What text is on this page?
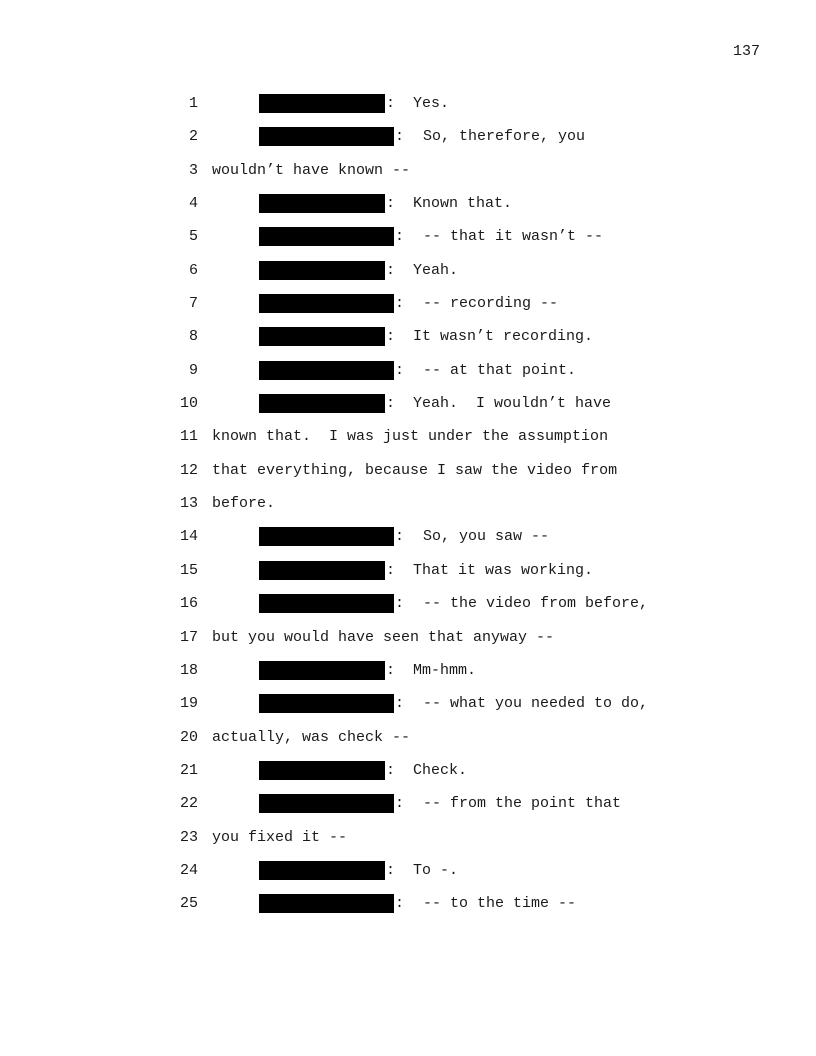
137
1	: Yes.
2	: So, therefore, you
3 wouldn’t have known --
4	: Known that.
5	: -- that it wasn’t --
6	: Yeah.
7	: -- recording --
8	: It wasn’t recording.
9	: -- at that point.
10	: Yeah.  I wouldn’t have
11 known that.  I was just under the assumption
12 that everything, because I saw the video from
13 before.
14	: So, you saw --
15	: That it was working.
16	: -- the video from before,
17 but you would have seen that anyway --
18	: Mm-hmm.
19	: -- what you needed to do,
20 actually, was check --
21	: Check.
22	: -- from the point that
23 you fixed it --
24	: To -.
25	: -- to the time --
